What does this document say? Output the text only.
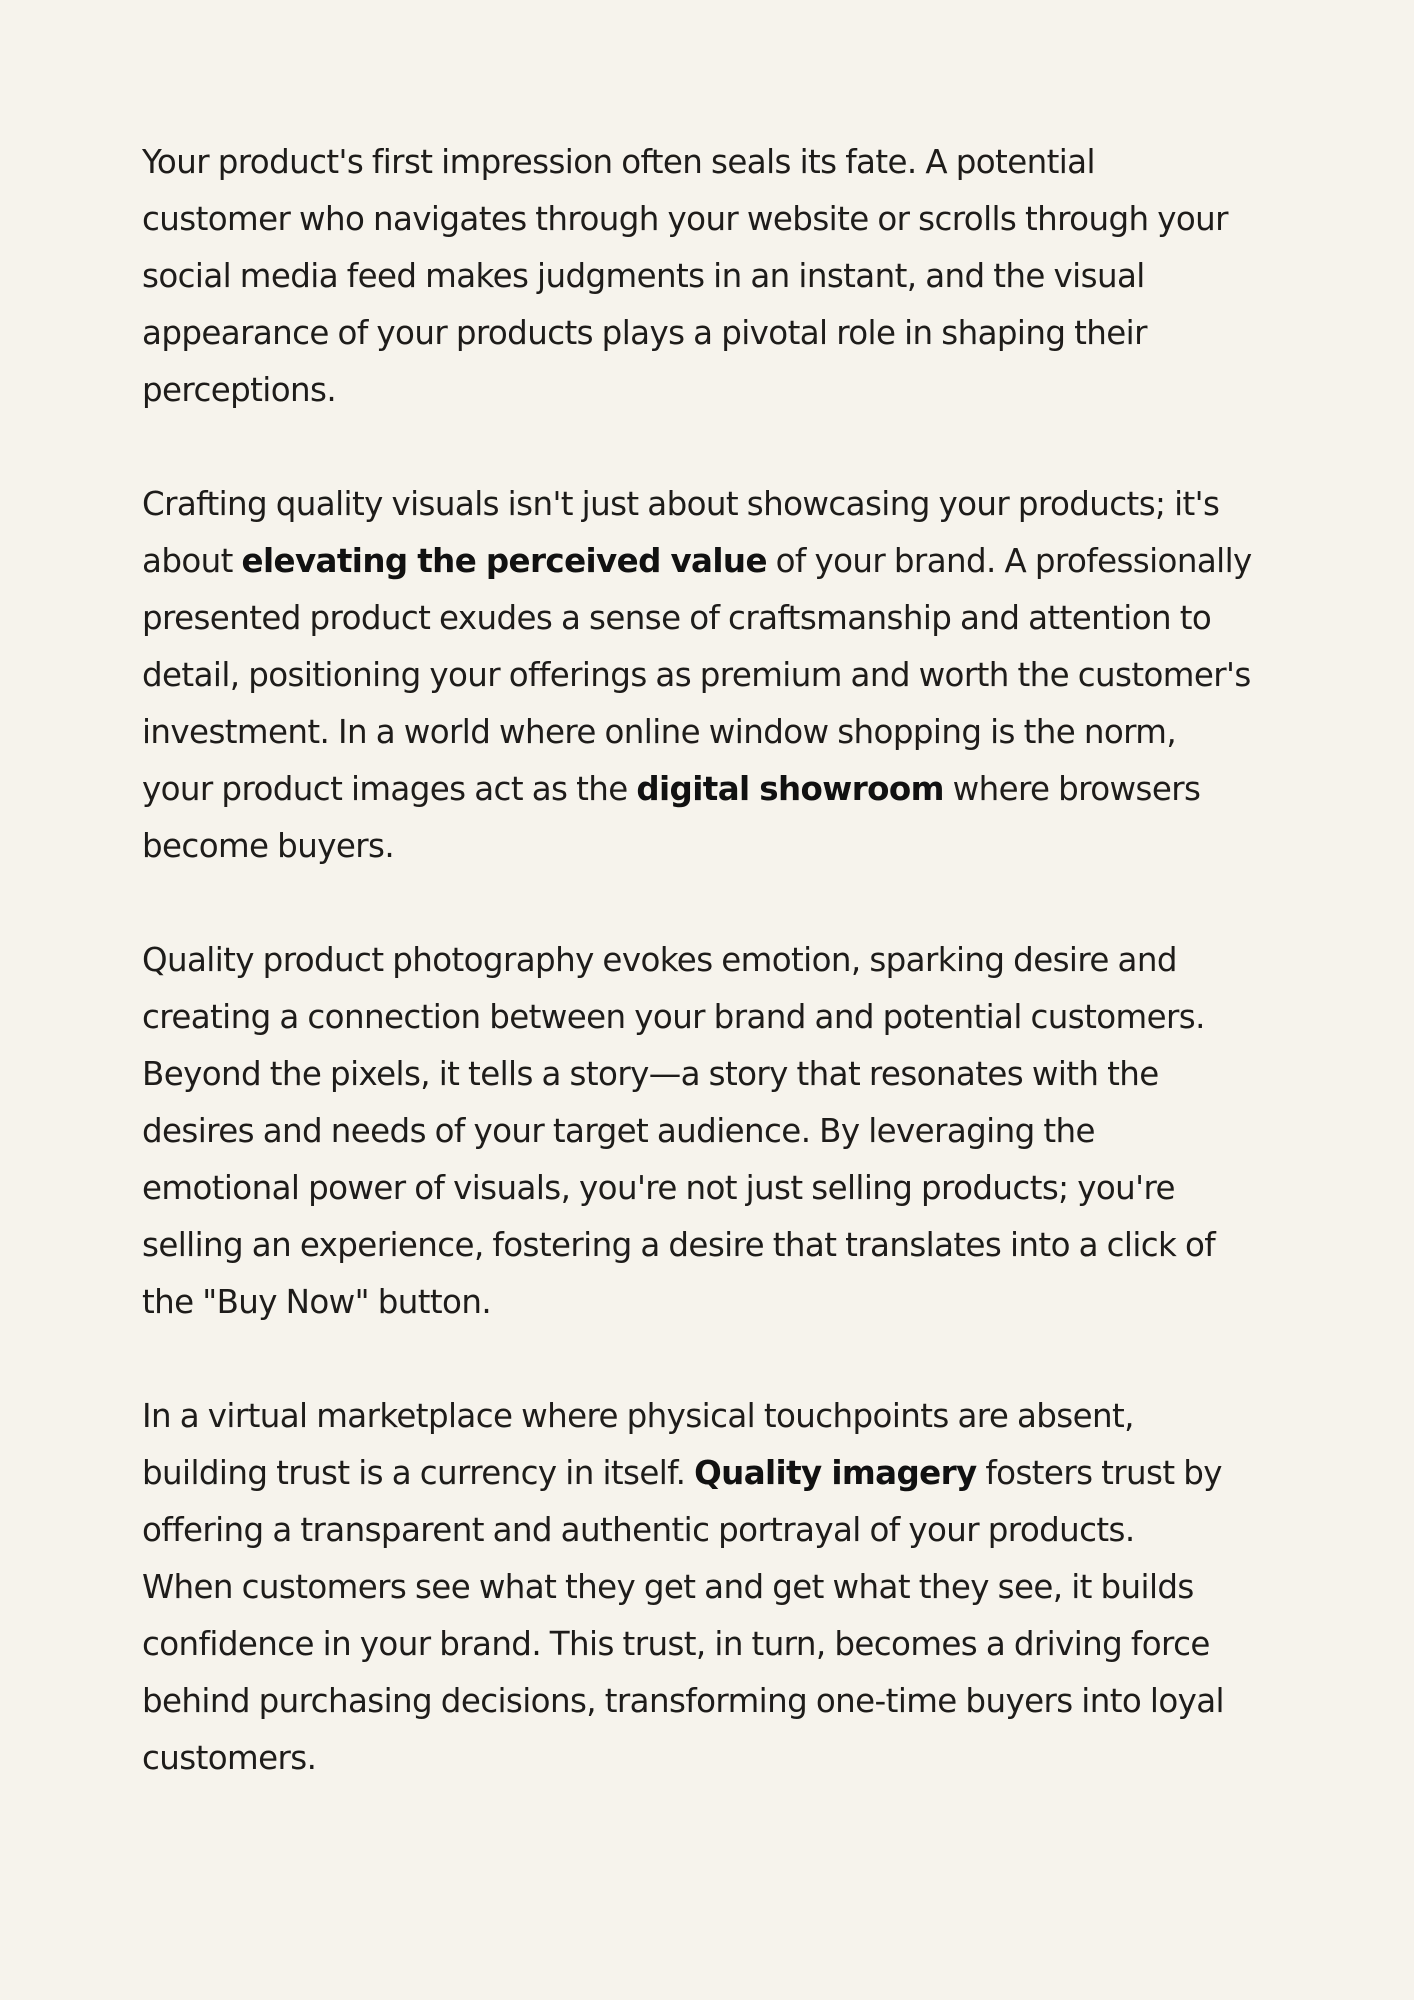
Your product's first impression often seals its fate. A potential
customer who navigates through your website or scrolls through your
social media feed makes judgments in an instant, and the visual
appearance of your products plays a pivotal role in shaping their
perceptions.

Crafting quality visuals isn't just about showcasing your products; it's
about elevating the perceived value of your brand. A professionally
presented product exudes a sense of craftsmanship and attention to
detail, positioning your offerings as premium and worth the customer's
investment. In a world where online window shopping is the norm,
your product images act as the digital showroom where browsers
become buyers.

Quality product photography evokes emotion, sparking desire and
creating a connection between your brand and potential customers.
Beyond the pixels, it tells a story—a story that resonates with the
desires and needs of your target audience. By leveraging the
emotional power of visuals, you're not just selling products; you're
selling an experience, fostering a desire that translates into a click of
the "Buy Now" button.

In a virtual marketplace where physical touchpoints are absent,
building trust is a currency in itself. Quality imagery fosters trust by
offering a transparent and authentic portrayal of your products.
When customers see what they get and get what they see, it builds
confidence in your brand. This trust, in turn, becomes a driving force
behind purchasing decisions, transforming one-time buyers into loyal
customers.
